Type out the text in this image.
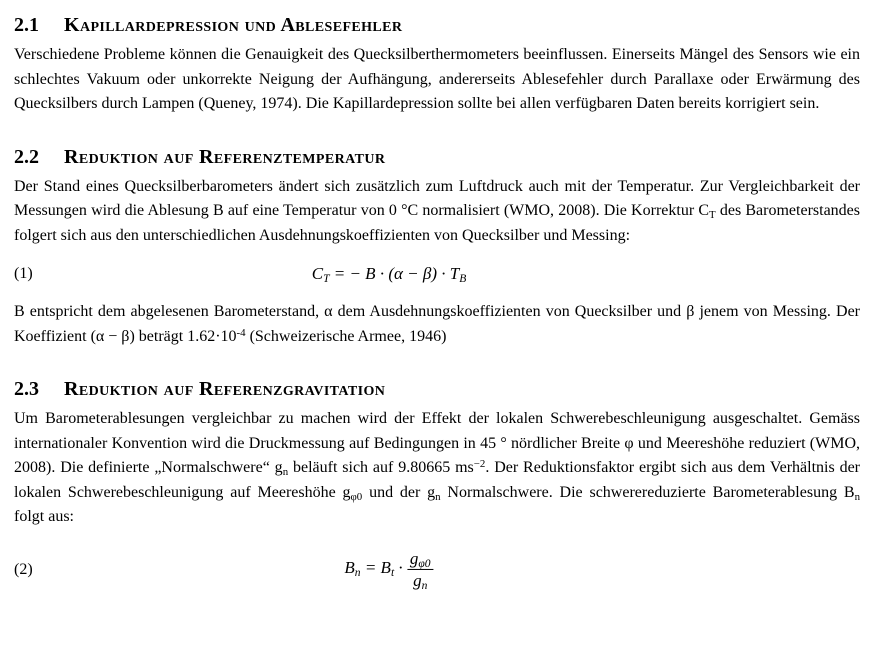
2.1	Kapillardepression und Ablesefehler

Verschiedene Probleme können die Genauigkeit des Quecksilberthermometers beeinflussen. Einerseits Mängel des Sensors wie ein schlechtes Vakuum oder unkorrekte Neigung der Aufhängung, andererseits Ablesefehler durch Parallaxe oder Erwärmung des Quecksilbers durch Lampen (Queney, 1974). Die Kapillardepression sollte bei allen verfügbaren Daten bereits korrigiert sein.

2.2	Reduktion auf Referenztemperatur

Der Stand eines Quecksilberbarometers ändert sich zusätzlich zum Luftdruck auch mit der Temperatur. Zur Vergleichbarkeit der Messungen wird die Ablesung B auf eine Temperatur von 0 °C normalisiert (WMO, 2008). Die Korrektur $C_T$ des Barometerstandes folgert sich aus den unterschiedlichen Ausdehnungskoeffizienten von Quecksilber und Messing:

(1)	$C_T$ = − $B \cdot (\alpha - \beta) \cdot T_B$

B entspricht dem abgelesenen Barometerstand, α dem Ausdehnungskoeffizienten von Quecksilber und β jenem von Messing. Der Koeffizient (α − β) beträgt $1.62\cdot 10^{-4}$ (Schweizerische Armee, 1946)

2.3	Reduktion auf Referenzgravitation

Um Barometerablesungen vergleichbar zu machen wird der Effekt der lokalen Schwerebeschleunigung ausgeschaltet. Gemäss internationaler Konvention wird die Druckmessung auf Bedingungen in 45 ° nördlicher Breite φ und Meereshöhe reduziert (WMO, 2008). Die definierte „Normalschwere“ $g_n$ beläuft sich auf 9.80665 $ms^{-2}$. Der Reduktionsfaktor ergibt sich aus dem Verhältnis der lokalen Schwerebeschleunigung auf Meereshöhe $g_{\varphi 0}$ und der $g_n$ Normalschwere. Die schwerereduzierte Barometerablesung $B_n$ folgt aus:

(2)	$B_n = B_t \cdot \frac{g_{\varphi 0}}{g_n}$
